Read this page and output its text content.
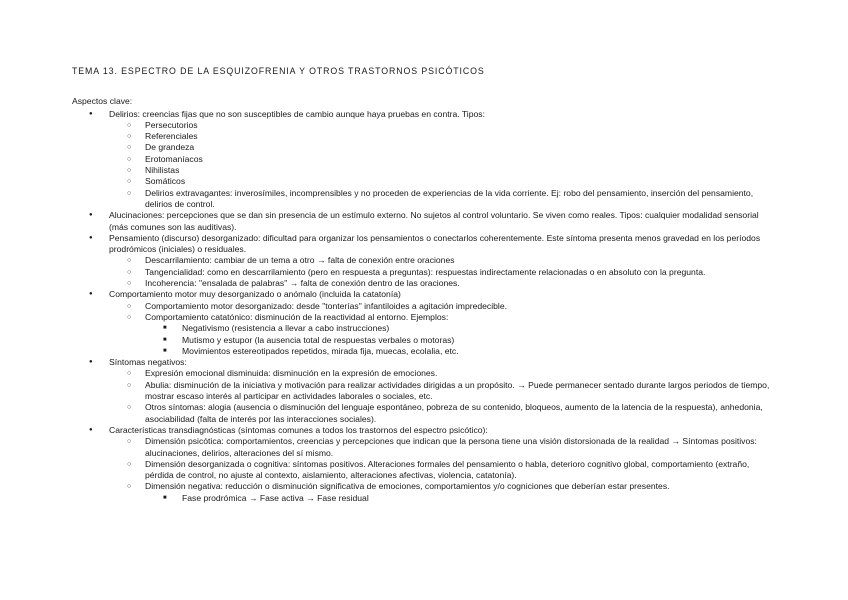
TEMA 13. ESPECTRO DE LA ESQUIZOFRENIA Y OTROS TRASTORNOS PSICÓTICOS
Aspectos clave:
● Delirios: creencias fijas que no son susceptibles de cambio aunque haya pruebas en contra. Tipos:
○ Persecutorios
○ Referenciales
○ De grandeza
○ Erotomaníacos
○ Nihilistas
○ Somáticos
○ Delirios extravagantes: inverosímiles, incomprensibles y no proceden de experiencias de la vida corriente. Ej: robo del pensamiento, inserción del pensamiento, delirios de control.
● Alucinaciones: percepciones que se dan sin presencia de un estímulo externo. No sujetos al control voluntario. Se viven como reales. Tipos: cualquier modalidad sensorial (más comunes son las auditivas).
● Pensamiento (discurso) desorganizado: dificultad para organizar los pensamientos o conectarlos coherentemente. Este síntoma presenta menos gravedad en los períodos prodrómicos (iniciales) o residuales.
○ Descarrilamiento: cambiar de un tema a otro → falta de conexión entre oraciones
○ Tangencialidad: como en descarrilamiento (pero en respuesta a preguntas): respuestas indirectamente relacionadas o en absoluto con la pregunta.
○ Incoherencia: "ensalada de palabras" → falta de conexión dentro de las oraciones.
● Comportamiento motor muy desorganizado o anómalo (incluida la catatonía)
○ Comportamiento motor desorganizado: desde "tonterías" infantiloides a agitación impredecible.
○ Comportamiento catatónico: disminución de la reactividad al entorno. Ejemplos:
■ Negativismo (resistencia a llevar a cabo instrucciones)
■ Mutismo y estupor (la ausencia total de respuestas verbales o motoras)
■ Movimientos estereotipados repetidos, mirada fija, muecas, ecolalia, etc.
● Síntomas negativos:
○ Expresión emocional disminuida: disminución en la expresión de emociones.
○ Abulia: disminución de la iniciativa y motivación para realizar actividades dirigidas a un propósito. → Puede permanecer sentado durante largos periodos de tiempo, mostrar escaso interés al participar en actividades laborales o sociales, etc.
○ Otros síntomas: alogia (ausencia o disminución del lenguaje espontáneo, pobreza de su contenido, bloqueos, aumento de la latencia de la respuesta), anhedonia, asociabilidad (falta de interés por las interacciones sociales).
● Características transdiagnósticas (síntomas comunes a todos los trastornos del espectro psicótico):
○ Dimensión psicótica: comportamientos, creencias y percepciones que indican que la persona tiene una visión distorsionada de la realidad → Síntomas positivos: alucinaciones, delirios, alteraciones del sí mismo.
○ Dimensión desorganizada o cognitiva: síntomas positivos. Alteraciones formales del pensamiento o habla, deterioro cognitivo global, comportamiento (extraño, pérdida de control, no ajuste al contexto, aislamiento, alteraciones afectivas, violencia, catatonía).
○ Dimensión negativa: reducción o disminución significativa de emociones, comportamientos y/o cogniciones que deberían estar presentes.
■ Fase prodrómica → Fase activa → Fase residual
